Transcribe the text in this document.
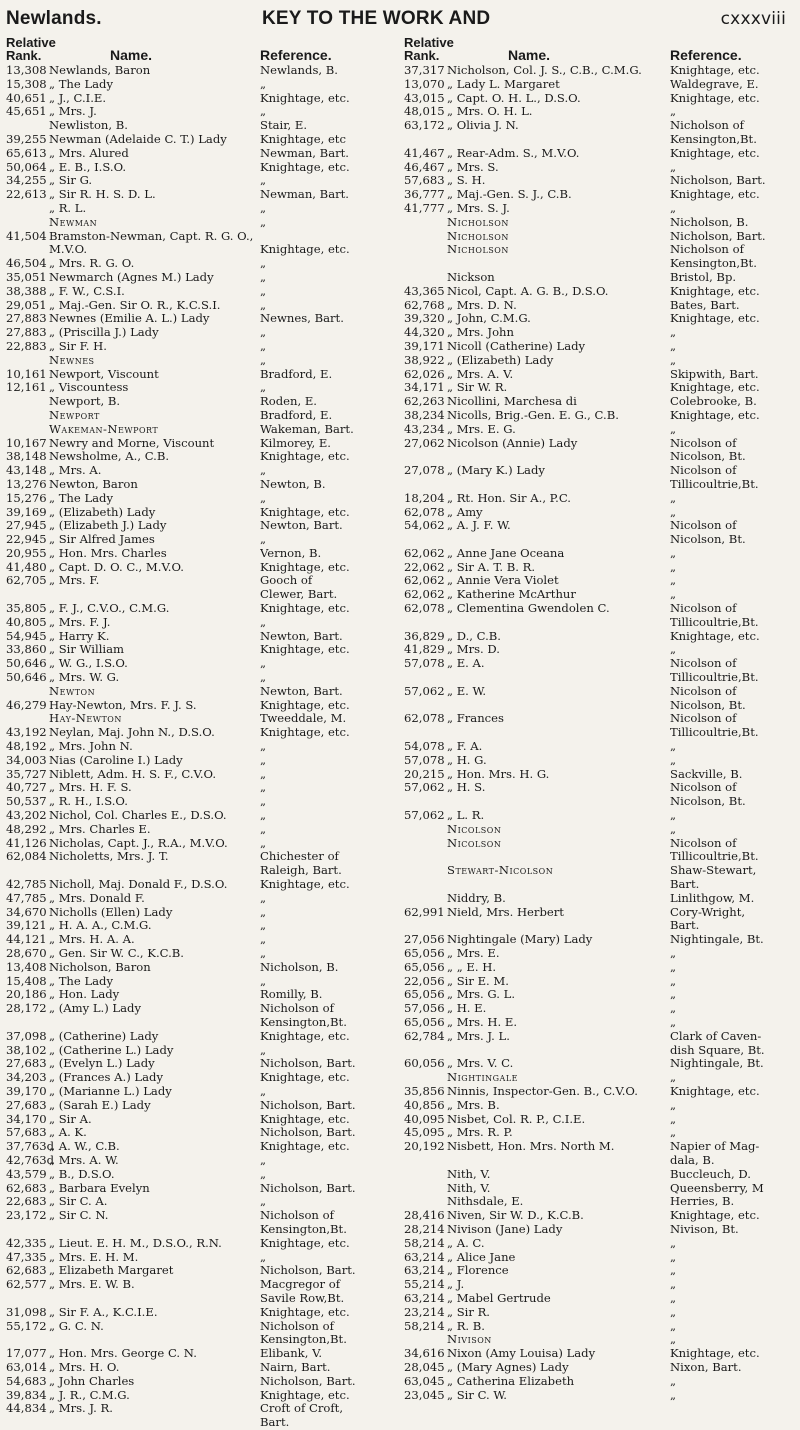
Newlands.	KEY TO THE WORK AND	cxxxviii
Relative
Rank.	Name.	Reference.
13,308 Newlands, Baron	Newlands, B.
15,308 „ The Lady	„
40,651 „ J., C.I.E.	Knightage, etc.
45,651 „ Mrs. J.	„
Newliston, B.	Stair, E.
39,255 Newman (Adelaide C. T.) Lady	Knightage, etc
65,613 „ Mrs. Alured	Newman, Bart.
50,064 „ E. B., I.S.O.	Knightage, etc.
34,255 „ Sir G.	„
22,613 „ Sir R. H. S. D. L.	Newman, Bart.
„ R. L.	„
Newman	„
41,504 Bramston-Newman, Capt. R. G. O.,
M.V.O.	Knightage, etc.
46,504 „ Mrs. R. G. O.	„
35,051 Newmarch (Agnes M.) Lady	„
38,388 „ F. W., C.S.I.	„
29,051 „ Maj.-Gen. Sir O. R., K.C.S.I.	„
27,883 Newnes (Emilie A. L.) Lady	Newnes, Bart.
27,883 „ (Priscilla J.) Lady	„
22,883 „ Sir F. H.	„
Newnes	„
10,161 Newport, Viscount	Bradford, E.
12,161 „ Viscountess	„
Newport, B.	Roden, E.
Newport	Bradford, E.
Wakeman-Newport	Wakeman, Bart.
10,167 Newry and Morne, Viscount	Kilmorey, E.
38,148 Newsholme, A., C.B.	Knightage, etc.
43,148 „ Mrs. A.	„
13,276 Newton, Baron	Newton, B.
15,276 „ The Lady	„
39,169 „ (Elizabeth) Lady	Knightage, etc.
27,945 „ (Elizabeth J.) Lady	Newton, Bart.
22,945 „ Sir Alfred James	„
20,955 „ Hon. Mrs. Charles	Vernon, B.
41,480 „ Capt. D. O. C., M.V.O.	Knightage, etc.
62,705 „ Mrs. F.	Gooch of
Clewer, Bart.
35,805 „ F. J., C.V.O., C.M.G.	Knightage, etc.
40,805 „ Mrs. F. J.	„
54,945 „ Harry K.	Newton, Bart.
33,860 „ Sir William	Knightage, etc.
50,646 „ W. G., I.S.O.	„
50,646 „ Mrs. W. G.	„
Newton	Newton, Bart.
46,279 Hay-Newton, Mrs. F. J. S.	Knightage, etc.
Hay-Newton	Tweeddale, M.
43,192 Neylan, Maj. John N., D.S.O.	Knightage, etc.
48,192 „ Mrs. John N.	„
34,003 Nias (Caroline I.) Lady	„
35,727 Niblett, Adm. H. S. F., C.V.O.	„
40,727 „ Mrs. H. F. S.	„
50,537 „ R. H., I.S.O.	„
43,202 Nichol, Col. Charles E., D.S.O.	„
48,292 „ Mrs. Charles E.	„
41,126 Nicholas, Capt. J., R.A., M.V.O.	„
62,084 Nicholetts, Mrs. J. T.	Chichester of
Raleigh, Bart.
42,785 Nicholl, Maj. Donald F., D.S.O.	Knightage, etc.
47,785 „ Mrs. Donald F.	„
34,670 Nicholls (Ellen) Lady	„
39,121 „ H. A. A., C.M.G.	„
44,121 „ Mrs. H. A. A.	„
28,670 „ Gen. Sir W. C., K.C.B.	„
13,408 Nicholson, Baron	Nicholson, B.
15,408 „ The Lady	„
20,186 „ Hon. Lady	Romilly, B.
28,172 „ (Amy L.) Lady	Nicholson of
Kensington,Bt.
37,098 „ (Catherine) Lady	Knightage, etc.
38,102 „ (Catherine L.) Lady	„
27,683 „ (Evelyn L.) Lady	Nicholson, Bart.
34,203 „ (Frances A.) Lady	Knightage, etc.
39,170 „ (Marianne L.) Lady	„
27,683 „ (Sarah E.) Lady	Nicholson, Bart.
34,170 „ Sir A.	Knightage, etc.
57,683 „ A. K.	Nicholson, Bart.
37,763d
„ A. W., C.B.	Knightage, etc.
42,763d
„ Mrs. A. W.	„
43,579 „ B., D.S.O.	„
62,683 „ Barbara Evelyn	Nicholson, Bart.
22,683 „ Sir C. A.	„
23,172 „ Sir C. N.	Nicholson of
Kensington,Bt.
42,335 „ Lieut. E. H. M., D.S.O., R.N.	Knightage, etc.
47,335 „ Mrs. E. H. M.	„
62,683 „ Elizabeth Margaret	Nicholson, Bart.
62,577 „ Mrs. E. W. B.	Macgregor of
Savile Row,Bt.
31,098 „ Sir F. A., K.C.I.E.	Knightage, etc.
55,172 „ G. C. N.	Nicholson of
Kensington,Bt.
17,077 „ Hon. Mrs. George C. N.	Elibank, V.
63,014 „ Mrs. H. O.	Nairn, Bart.
54,683 „ John Charles	Nicholson, Bart.
39,834 „ J. R., C.M.G.	Knightage, etc.
44,834 „ Mrs. J. R.	Croft of Croft,
Bart.
Relative
Rank.	Name.	Reference.
37,317 Nicholson, Col. J. S., C.B., C.M.G.	Knightage, etc.
13,070 „ Lady L. Margaret	Waldegrave, E.
43,015 „ Capt. O. H. L., D.S.O.	Knightage, etc.
48,015 „ Mrs. O. H. L.	„
63,172 „ Olivia J. N.	Nicholson of
Kensington,Bt.
41,467 „ Rear-Adm. S., M.V.O.	Knightage, etc.
46,467 „ Mrs. S.	„
57,683 „ S. H.	Nicholson, Bart.
36,777 „ Maj.-Gen. S. J., C.B.	Knightage, etc.
41,777 „ Mrs. S. J.	„
Nicholson	Nicholson, B.
Nicholson	Nicholson, Bart.
Nicholson	Nicholson of
Kensington,Bt.
Nickson	Bristol, Bp.
43,365 Nicol, Capt. A. G. B., D.S.O.	Knightage, etc.
62,768 „ Mrs. D. N.	Bates, Bart.
39,320 „ John, C.M.G.	Knightage, etc.
44,320 „ Mrs. John	„
39,171 Nicoll (Catherine) Lady	„
38,922 „ (Elizabeth) Lady	„
62,026 „ Mrs. A. V.	Skipwith, Bart.
34,171 „ Sir W. R.	Knightage, etc.
62,263 Nicollini, Marchesa di	Colebrooke, B.
38,234 Nicolls, Brig.-Gen. E. G., C.B.	Knightage, etc.
43,234 „ Mrs. E. G.	„
27,062 Nicolson (Annie) Lady	Nicolson of
Nicolson, Bt.
27,078 „ (Mary K.) Lady	Nicolson of
Tillicoultrie,Bt.
18,204 „ Rt. Hon. Sir A., P.C.	„
62,078 „ Amy	„
54,062 „ A. J. F. W.	Nicolson of
Nicolson, Bt.
62,062 „ Anne Jane Oceana	„
22,062 „ Sir A. T. B. R.	„
62,062 „ Annie Vera Violet	„
62,062 „ Katherine McArthur	„
62,078 „ Clementina Gwendolen C.	Nicolson of
Tillicoultrie,Bt.
36,829 „ D., C.B.	Knightage, etc.
41,829 „ Mrs. D.	„
57,078 „ E. A.	Nicolson of
Tillicoultrie,Bt.
57,062 „ E. W.	Nicolson of
Nicolson, Bt.
62,078 „ Frances	Nicolson of
Tillicoultrie,Bt.
54,078 „ F. A.	„
57,078 „ H. G.	„
20,215 „ Hon. Mrs. H. G.	Sackville, B.
57,062 „ H. S.	Nicolson of
Nicolson, Bt.
57,062 „ L. R.	„
Nicolson	„
Nicolson	Nicolson of
Tillicoultrie,Bt.
Stewart-Nicolson	Shaw-Stewart,
Bart.
Niddry, B.	Linlithgow, M.
62,991 Nield, Mrs. Herbert	Cory-Wright,
Bart.
27,056 Nightingale (Mary) Lady	Nightingale, Bt.
65,056 „ Mrs. E.	„
65,056 „ „ E. H.	„
22,056 „ Sir E. M.	„
65,056 „ Mrs. G. L.	„
57,056 „ H. E.	„
65,056 „ Mrs. H. E.	„
62,784 „ Mrs. J. L.	Clark of Caven-
dish Square, Bt.
60,056 „ Mrs. V. C.	Nightingale, Bt.
Nightingale	„
35,856 Ninnis, Inspector-Gen. B., C.V.O.	Knightage, etc.
40,856 „ Mrs. B.	„
40,095 Nisbet, Col. R. P., C.I.E.	„
45,095 „ Mrs. R. P.	„
20,192 Nisbett, Hon. Mrs. North M.	Napier of Mag-
dala, B.
Nith, V.	Buccleuch, D.
Nith, V.	Queensberry, M
Nithsdale, E.	Herries, B.
28,416 Niven, Sir W. D., K.C.B.	Knightage, etc.
28,214 Nivison (Jane) Lady	Nivison, Bt.
58,214 „ A. C.	„
63,214 „ Alice Jane	„
63,214 „ Florence	„
55,214 „ J.	„
63,214 „ Mabel Gertrude	„
23,214 „ Sir R.	„
58,214 „ R. B.	„
Nivison	„
34,616 Nixon (Amy Louisa) Lady	Knightage, etc.
28,045 „ (Mary Agnes) Lady	Nixon, Bart.
63,045 „ Catherina Elizabeth	„
23,045 „ Sir C. W.	„
